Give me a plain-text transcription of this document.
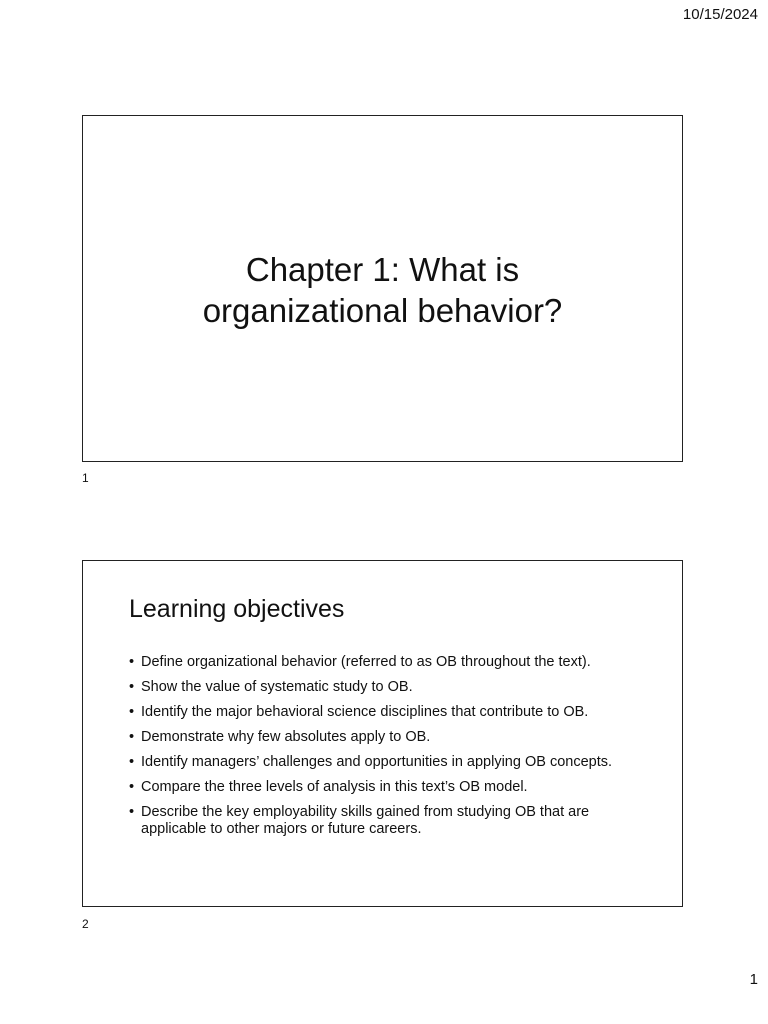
10/15/2024
Chapter 1: What is organizational behavior?
1
Learning objectives
• Define organizational behavior (referred to as OB throughout the text).
• Show the value of systematic study to OB.
• Identify the major behavioral science disciplines that contribute to OB.
• Demonstrate why few absolutes apply to OB.
• Identify managers’ challenges and opportunities in applying OB concepts.
• Compare the three levels of analysis in this text’s OB model.
• Describe the key employability skills gained from studying OB that are applicable to other majors or future careers.
2
1
